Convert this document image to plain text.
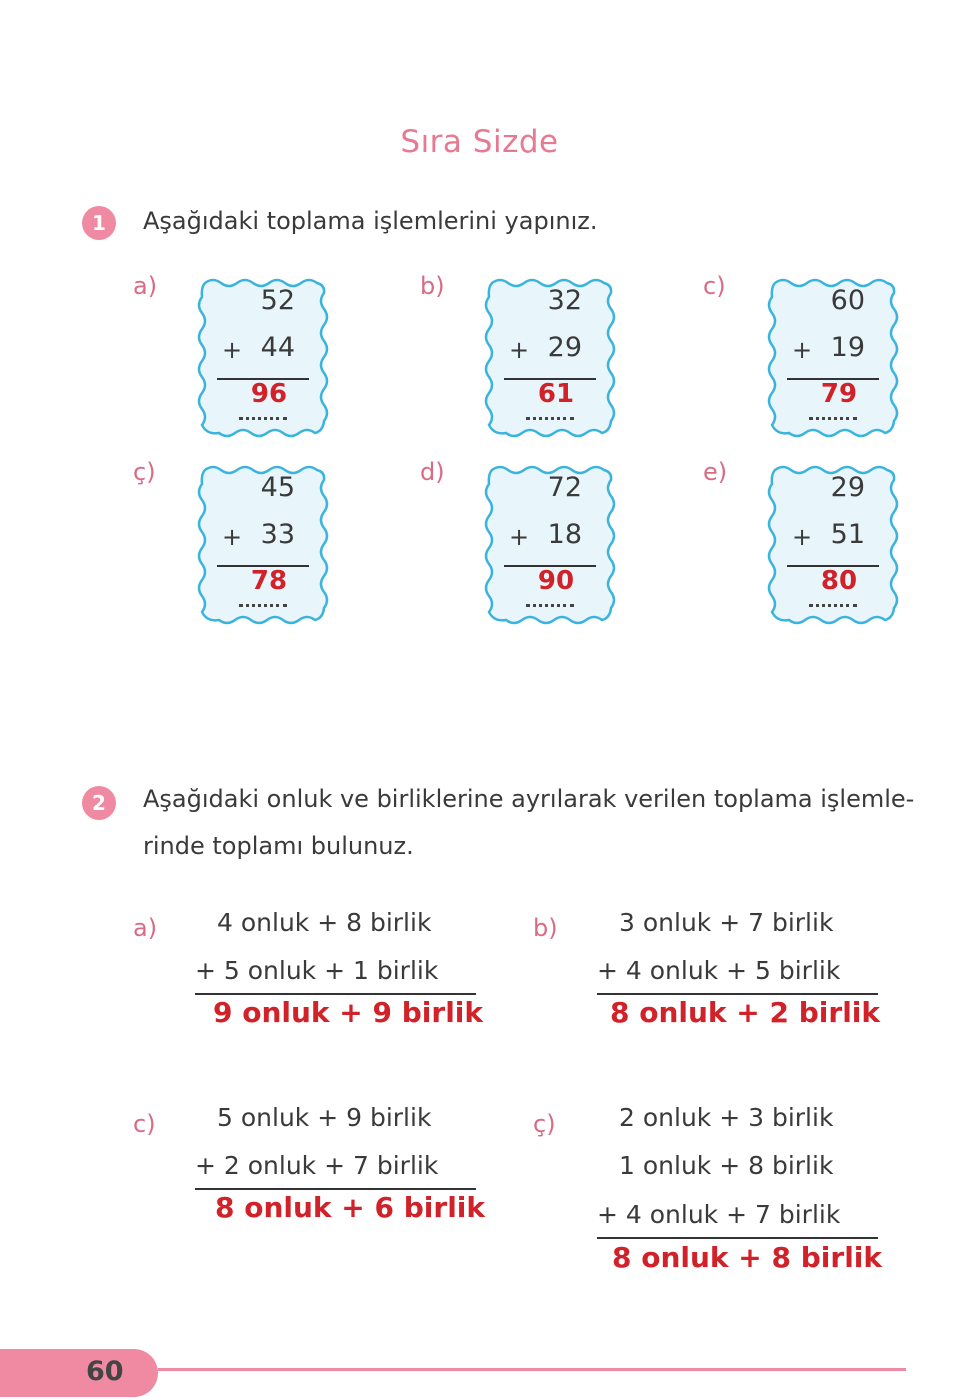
Sıra Sizde
1	Aşağıdaki toplama işlemlerini yapınız.
a)	52
+ 44
96
b)	32
+ 29
61
c)	60
+ 19
79
ç)	45
+ 33
78
d)	72
+ 18
90
e)	29
+ 51
80
2	Aşağıdaki onluk ve birliklerine ayrılarak verilen toplama işlemle-
rinde toplamı bulunuz.
a) 4 onluk + 8 birlik
+ 5 onluk + 1 birlik
9 onluk + 9 birlik
b) 3 onluk + 7 birlik
+ 4 onluk + 5 birlik
8 onluk + 2 birlik
c) 5 onluk + 9 birlik
+ 2 onluk + 7 birlik
8 onluk + 6 birlik
ç)	2 onluk + 3 birlik
1 onluk + 8 birlik
+ 4 onluk + 7 birlik
8 onluk + 8 birlik
60
